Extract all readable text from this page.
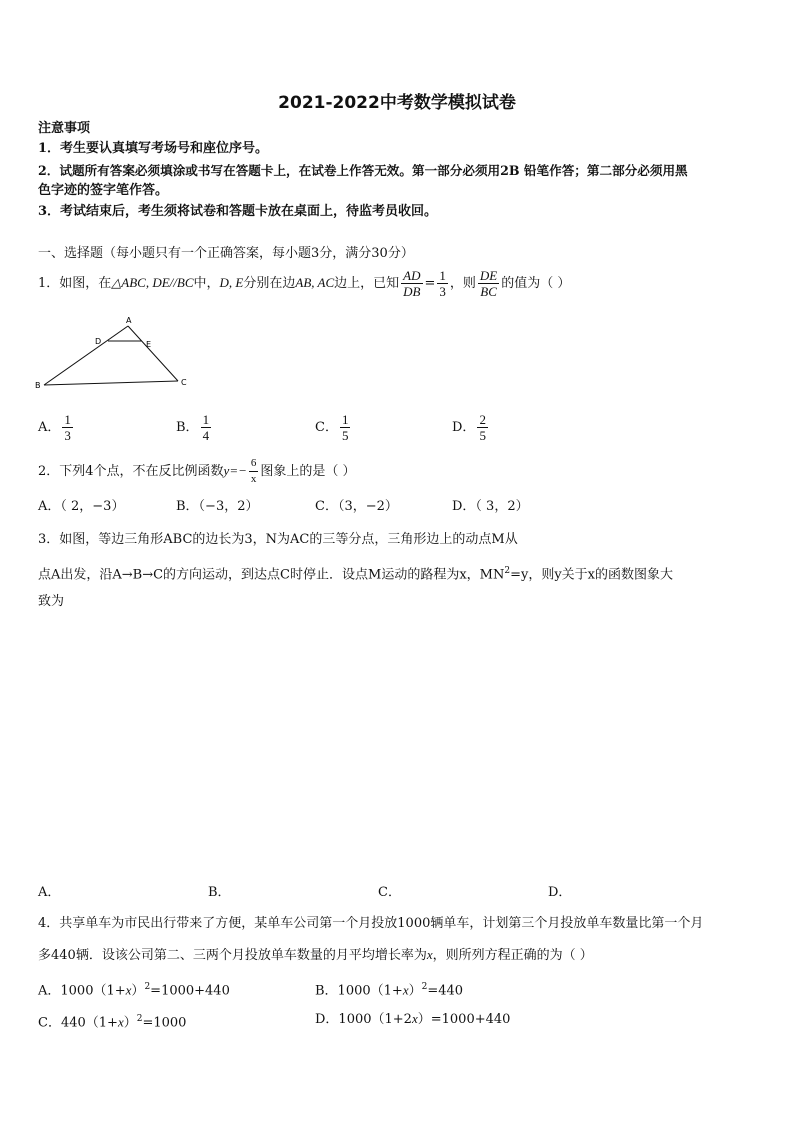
2021-2022中考数学模拟试卷
注意事项
1．考生要认真填写考场号和座位序号。
2．试题所有答案必须填涂或书写在答题卡上，在试卷上作答无效。第一部分必须用2B 铅笔作答；第二部分必须用黑
色字迹的签字笔作答。
3．考试结束后，考生须将试卷和答题卡放在桌面上，待监考员收回。
一、选择题（每小题只有一个正确答案，每小题3分，满分30分）
1．如图，在△ABC, DE//BC中，D, E分别在边AB, AC边上，已知 $\frac{AD}{DB} = \frac{1}{3}$ ，则 $\frac{DE}{BC}$ 的值为（ ）
A
B	C
D	E
A． $\frac{1}{3}$	B． $\frac{1}{4}$	C． $\frac{1}{5}$	D． $\frac{2}{5}$
2．下列4个点，不在反比例函数$y=- \frac{6}{x}$ 图象上的是（ ）
A．（ 2，−3）	B．（−3，2）	C．（3，−2）	D．（ 3，2）
3．如图，等边三角形ABC的边长为3，N为AC的三等分点，三角形边上的动点M从
点A出发，沿A→B→C的方向运动，到达点C时停止．设点M运动的路程为x，$MN^2=y$，则y关于x的函数图象大
致为
A．	B．	C．	D．
4．共享单车为市民出行带来了方便，某单车公司第一个月投放1000辆单车，计划第三个月投放单车数量比第一个月
多440辆．设该公司第二、三两个月投放单车数量的月平均增长率为x，则所列方程正确的为（ ）
A．$1000(1+x)^2=1000+440$	B．$1000(1+x)^2=440$
C．$440(1+x)^2=1000$	D．1000（1+2x）=1000+440
